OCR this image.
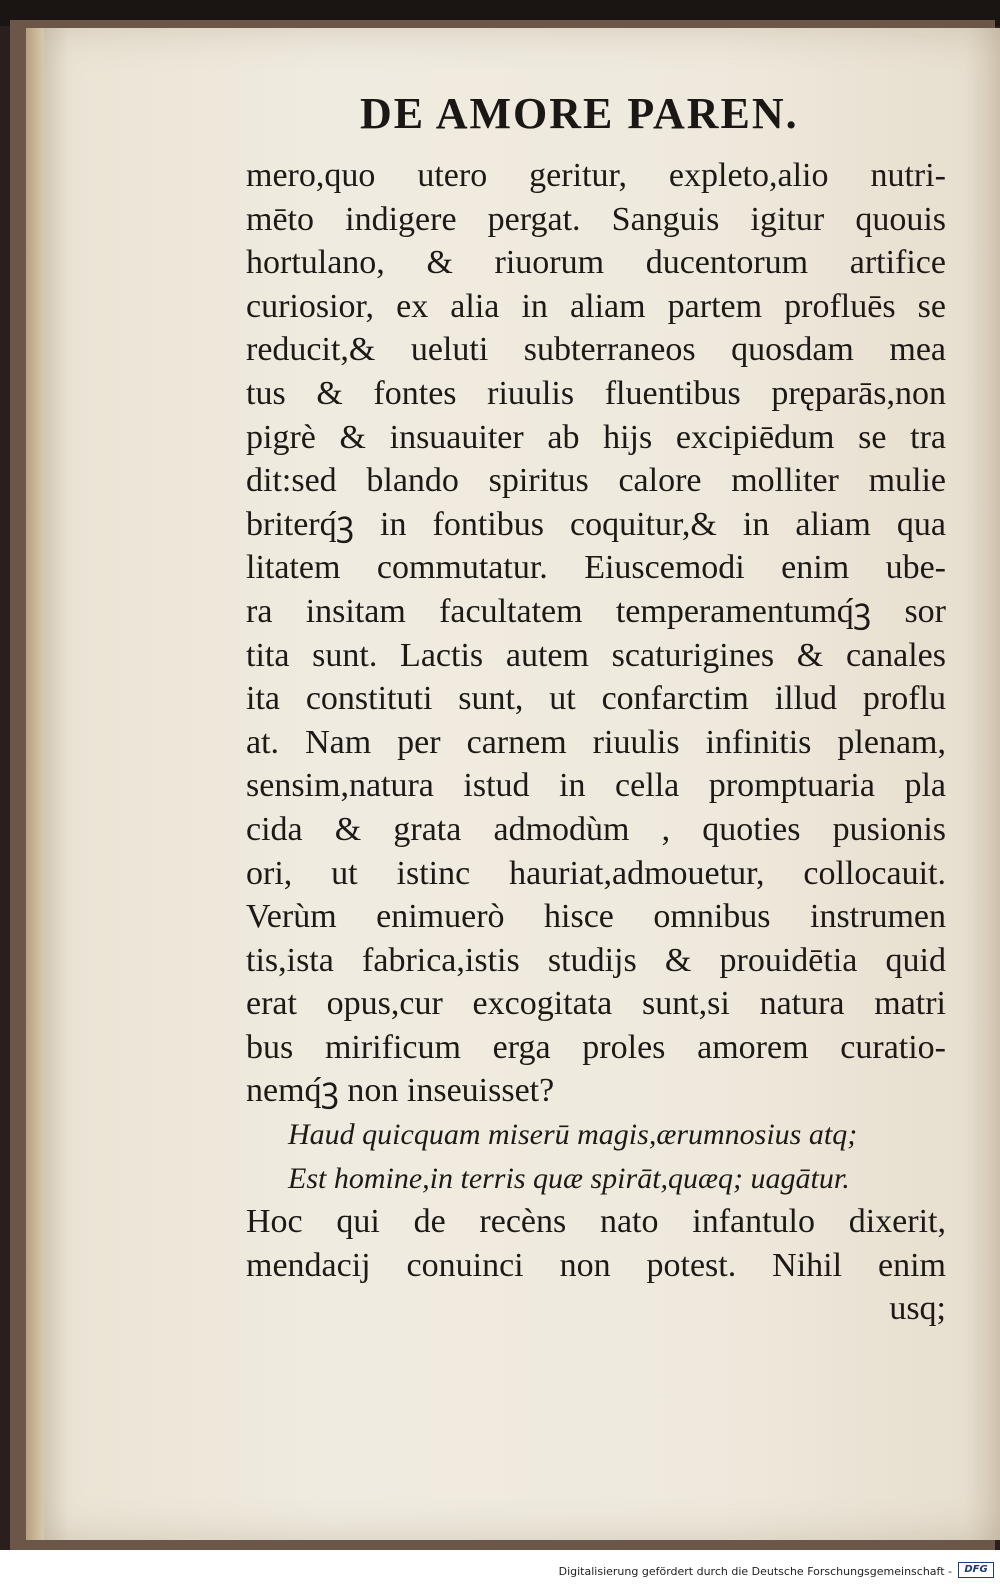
DE AMORE PAREN.
mero,quo utero geritur, expleto,alio nutri-
mēto indigere pergat. Sanguis igitur quouis
hortulano, & riuorum ducentorum artifice
curiosior, ex alia in aliam partem profluēs se
reducit,& ueluti subterraneos quosdam mea
tus & fontes riuulis fluentibus pręparās,non
pigrè & insuauiter ab hijs excipiēdum se tra
dit:sed blando spiritus calore molliter mulie
briterq́ꝫ in fontibus coquitur,& in aliam qua
litatem commutatur. Eiuscemodi enim ube-
ra insitam facultatem temperamentumq́ꝫ sor
tita sunt. Lactis autem scaturigines & canales
ita constituti sunt, ut confarctim illud proflu
at. Nam per carnem riuulis infinitis plenam,
sensim,natura istud in cella promptuaria pla
cida & grata admodùm , quoties pusionis
ori, ut istinc hauriat,admouetur, collocauit.
Verùm enimuerò hisce omnibus instrumen
tis,ista fabrica,istis studijs & prouidētia quid
erat opus,cur excogitata sunt,si natura matri
bus mirificum erga proles amorem curatio-
nemq́ꝫ non inseuisset?
Haud quicquam miserū magis,ærumnosius atq;
Est homine,in terris quæ spirāt,quæq; uagātur.
Hoc qui de recèns nato infantulo dixerit,
mendacij conuinci non potest. Nihil enim
usq;
Digitalisierung gefördert durch die Deutsche Forschungsgemeinschaft -	DFG
